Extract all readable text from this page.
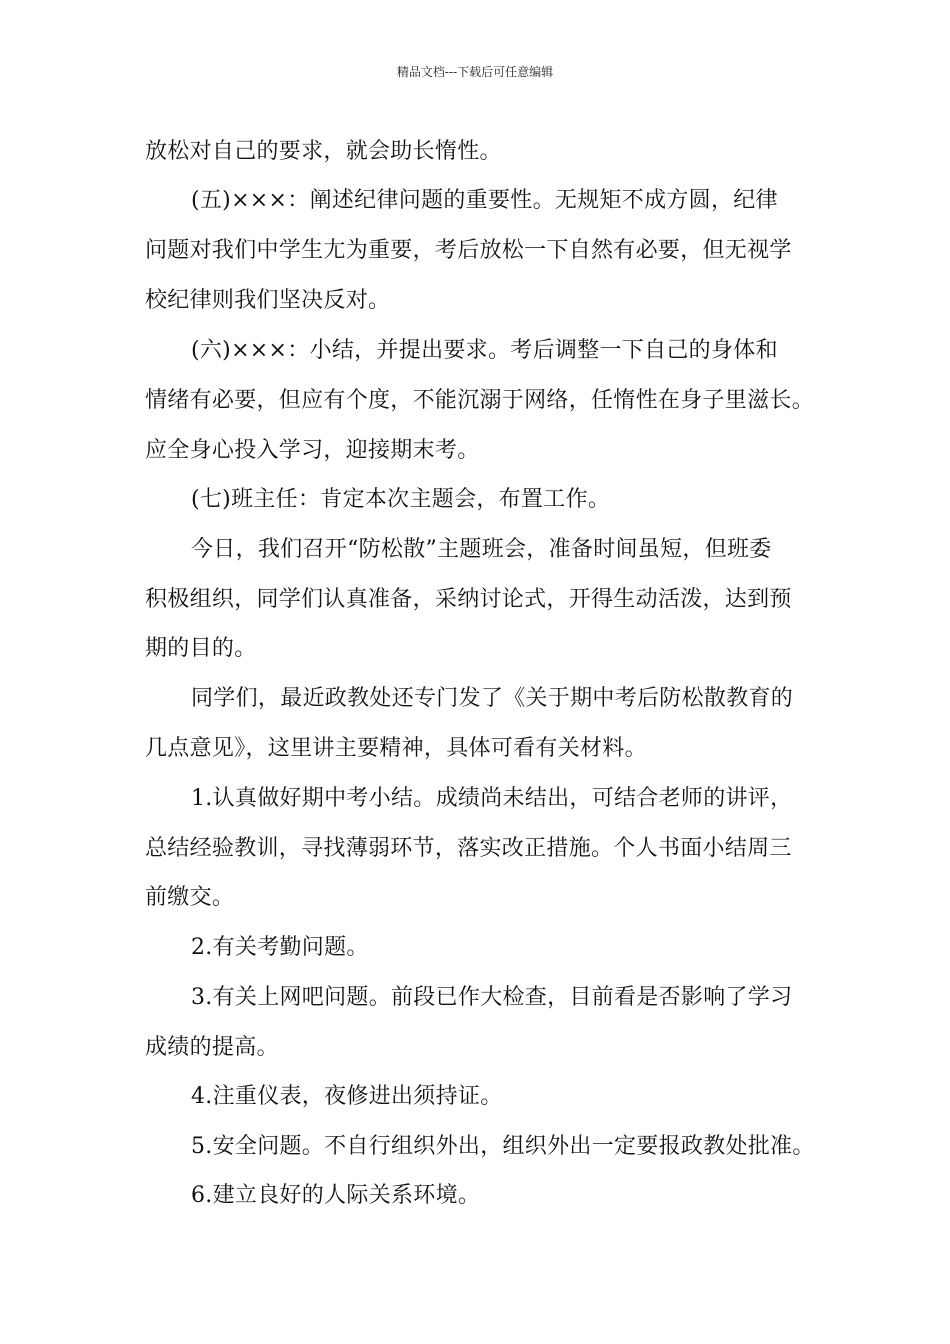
精品文档---下载后可任意编辑
放松对自己的要求，就会助长惰性。
(五)×××：阐述纪律问题的重要性。无规矩不成方圆，纪律
问题对我们中学生尢为重要，考后放松一下自然有必要，但无视学
校纪律则我们坚决反对。
(六)×××：小结，并提出要求。考后调整一下自己的身体和
情绪有必要，但应有个度，不能沉溺于网络，任惰性在身子里滋长。
应全身心投入学习，迎接期末考。
(七)班主任：肯定本次主题会，布置工作。
今日，我们召开“防松散”主题班会，准备时间虽短，但班委
积极组织，同学们认真准备，采纳讨论式，开得生动活泼，达到预
期的目的。
同学们，最近政教处还专门发了《关于期中考后防松散教育的
几点意见》，这里讲主要精神，具体可看有关材料。
1.认真做好期中考小结。成绩尚未结出，可结合老师的讲评，
总结经验教训，寻找薄弱环节，落实改正措施。个人书面小结周三
前缴交。
2.有关考勤问题。
3.有关上网吧问题。前段已作大检查，目前看是否影响了学习
成绩的提高。
4.注重仪表，夜修进出须持证。
5.安全问题。不自行组织外出，组织外出一定要报政教处批准。
6.建立良好的人际关系环境。
